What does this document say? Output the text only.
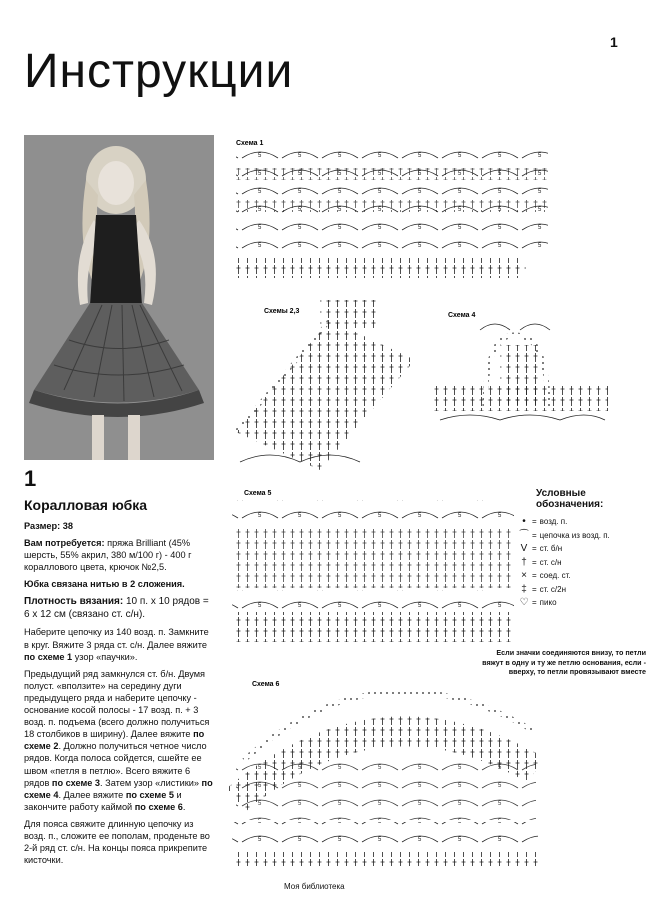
1
Инструкции
Схема 1
Схемы 2,3
Схема 4
Схема 5
Схема 6
1
Коралловая юбка

Размер: 38

Вам потребуется: пряжа Brilliant (45% шерсть, 55% акрил, 380 м/100 г) - 400 г кораллового цвета, крючок №2,5.

Юбка связана нитью в 2 сложения.

Плотность вязания: 10 п. х 10 рядов = 6 х 12 см (связано ст. с/н).

Наберите цепочку из 140 возд. п. Замкните в круг. Вяжите 3 ряда ст. с/н. Далее вяжите по схеме 1 узор «паучки».

Предыдущий ряд замкнулся ст. б/н. Двумя полуст. «вползите» на середину дуги предыдущего ряда и наберите цепочку - основание косой полосы - 17 возд. п. + 3 возд. п. подъема (всего должно получиться 18 столбиков в ширину). Далее вяжите по схеме 2. Должно получиться четное число рядов. Когда полоса сойдется, сшейте ее швом «петля в петлю». Всего вяжите 6 рядов по схеме 3. Затем узор «листики» по схеме 4. Далее вяжите по схеме 5 и закончите работу каймой по схеме 6.

Для пояса свяжите длинную цепочку из возд. п., сложите ее пополам, проденьте во 2-й ряд ст. с/н. На концы пояса прикрепите кисточки.

Условные обозначения:
• = возд. п.
⁀ = цепочка из возд. п.
V = ст. б/н
† = ст. с/н
× = соед. ст.
‡ = ст. с/2н
♡ = пико
Если значки соединяются внизу, то петли вяжут в одну и ту же петлю основания, если - вверху, то петли провязывают вместе
Моя библиотека
